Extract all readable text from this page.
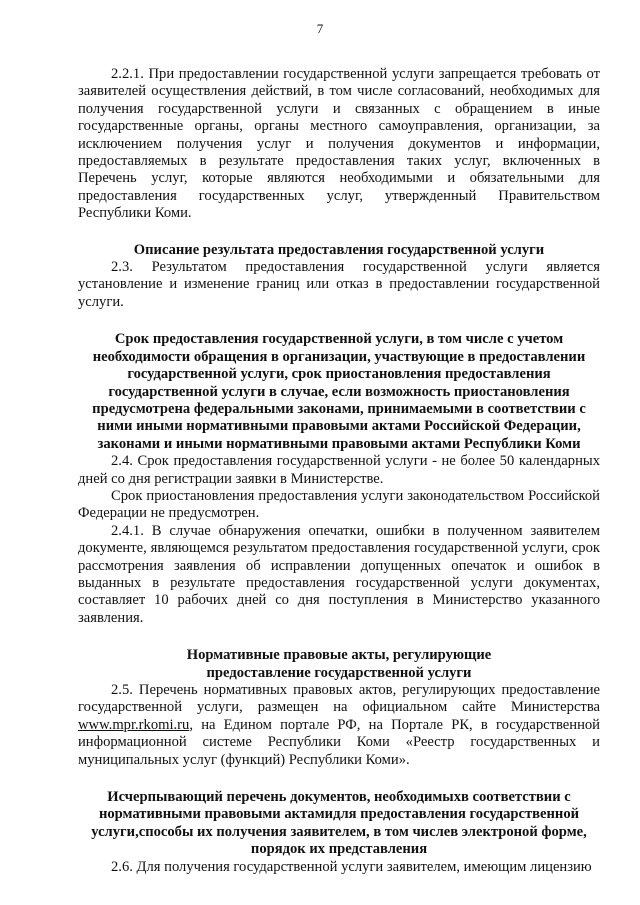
7

2.2.1. При предоставлении государственной услуги запрещается требовать от заявителей осуществления действий, в том числе согласований, необходимых для получения государственной услуги и связанных с обращением в иные государственные органы, органы местного самоуправления, организации, за исключением получения услуг и получения документов и информации, предоставляемых в результате предоставления таких услуг, включенных в Перечень услуг, которые являются необходимыми и обязательными для предоставления государственных услуг, утвержденный Правительством Республики Коми.

Описание результата предоставления государственной услуги

2.3. Результатом предоставления государственной услуги является установление и изменение границ или отказ в предоставлении государственной услуги.

Срок предоставления государственной услуги, в том числе с учетом необходимости обращения в организации, участвующие в предоставлении государственной услуги, срок приостановления предоставления государственной услуги в случае, если возможность приостановления предусмотрена федеральными законами, принимаемыми в соответствии с ними иными нормативными правовыми актами Российской Федерации, законами и иными нормативными правовыми актами Республики Коми

2.4. Срок предоставления государственной услуги - не более 50 календарных дней со дня регистрации заявки в Министерстве.

Срок приостановления предоставления услуги законодательством Российской Федерации не предусмотрен.

2.4.1. В случае обнаружения опечатки, ошибки в полученном заявителем документе, являющемся результатом предоставления государственной услуги, срок рассмотрения заявления об исправлении допущенных опечаток и ошибок в выданных в результате предоставления государственной услуги документах, составляет 10 рабочих дней со дня поступления в Министерство указанного заявления.

Нормативные правовые акты, регулирующие
предоставление государственной услуги

2.5. Перечень нормативных правовых актов, регулирующих предоставление государственной услуги, размещен на официальном сайте Министерства www.mpr.rkomi.ru, на Едином портале РФ, на Портале РК, в государственной информационной системе Республики Коми «Реестр государственных и муниципальных услуг (функций) Республики Коми».

Исчерпывающий перечень документов, необходимыхв соответствии с нормативными правовыми актамидля предоставления государственной услуги,способы их получения заявителем, в том числев электроной форме, порядок их представления

2.6. Для получения государственной услуги заявителем, имеющим лицензию
